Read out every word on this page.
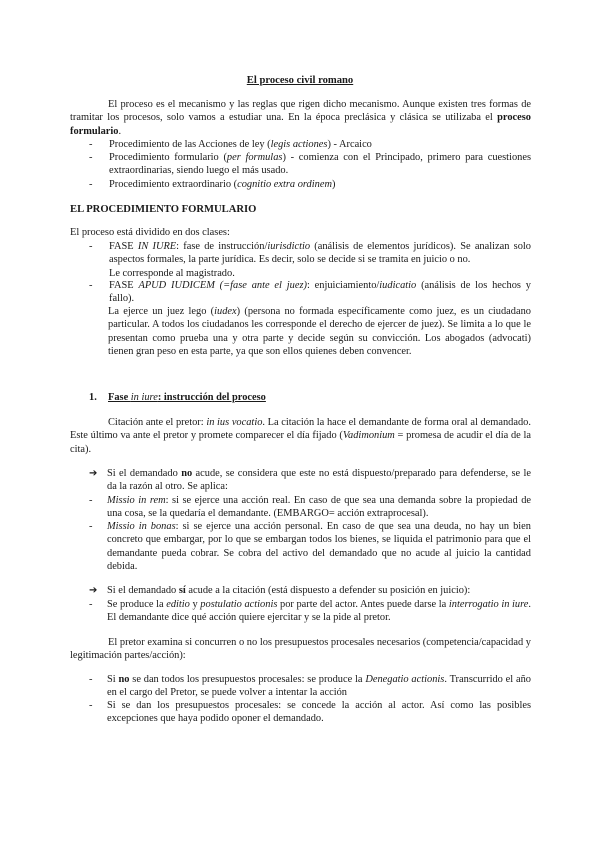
El proceso civil romano
El proceso es el mecanismo y las reglas que rigen dicho mecanismo. Aunque existen tres formas de tramitar los procesos, solo vamos a estudiar una. En la época preclásica y clásica se utilizaba el proceso formulario.
-	Procedimiento de las Acciones de ley (legis actiones) - Arcaico
-	Procedimiento formulario (per formulas) - comienza con el Principado, primero para cuestiones extraordinarias, siendo luego el más usado.
-	Procedimiento extraordinario (cognitio extra ordinem)
EL PROCEDIMIENTO FORMULARIO
El proceso está dividido en dos clases:
-	FASE IN IURE: fase de instrucción/iurisdictio (análisis de elementos jurídicos). Se analizan solo aspectos formales, la parte jurídica. Es decir, solo se decide si se tramita en juicio o no.
Le corresponde al magistrado.
-	FASE APUD IUDICEM (=fase ante el juez): enjuiciamiento/iudicatio (análisis de los hechos y fallo).
La ejerce un juez lego (iudex) (persona no formada específicamente como juez, es un ciudadano particular. A todos los ciudadanos les corresponde el derecho de ejercer de juez). Se limita a lo que le presentan como prueba una y otra parte y decide según su convicción. Los abogados (advocati) tienen gran peso en esta parte, ya que son ellos quienes deben convencer.
1. Fase in iure: instrucción del proceso
Citación ante el pretor: in ius vocatio. La citación la hace el demandante de forma oral al demandado. Este último va ante el pretor y promete comparecer el día fijado (Vadimonium = promesa de acudir el día de la cita).
➔ Si el demandado no acude, se considera que este no está dispuesto/preparado para defenderse, se le da la razón al otro. Se aplica:
-	Missio in rem: si se ejerce una acción real. En caso de que sea una demanda sobre la propiedad de una cosa, se la quedaría el demandante. (EMBARGO= acción extraprocesal).
-	Missio in bonas: si se ejerce una acción personal. En caso de que sea una deuda, no hay un bien concreto que embargar, por lo que se embargan todos los bienes, se liquida el patrimonio para que el demandante pueda cobrar. Se cobra del activo del demandado que no acude al juicio la cantidad debida.
➔ Si el demandado sí acude a la citación (está dispuesto a defender su posición en juicio):
-	Se produce la editio y postulatio actionis por parte del actor. Antes puede darse la interrogatio in iure. El demandante dice qué acción quiere ejercitar y se la pide al pretor.
El pretor examina si concurren o no los presupuestos procesales necesarios (competencia/capacidad y legitimación partes/acción):
-	Si no se dan todos los presupuestos procesales: se produce la Denegatio actionis. Transcurrido el año en el cargo del Pretor, se puede volver a intentar la acción
-	Si se dan los presupuestos procesales: se concede la acción al actor. Así como las posibles excepciones que haya podido oponer el demandado.
